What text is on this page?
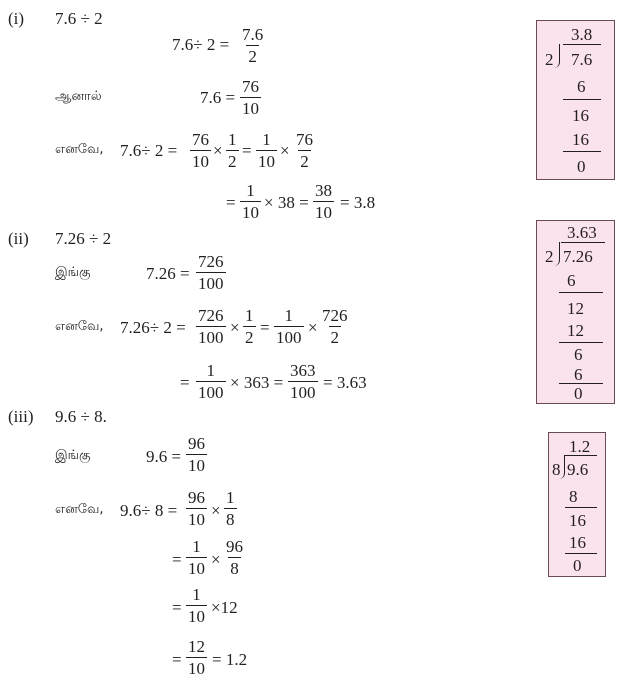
(i) 7.6 ÷ 2
$7.6\div 2 = \frac{7.6}{2}$
ஆனால்	$7.6 = \frac{76}{10}$
எனவே, $7.6\div 2 = \frac{76}{10} \times \frac{1}{2} = \frac{1}{10} \times \frac{76}{2}$
= $\frac{1}{10} \times 38 = \frac{38}{10} = 3.8$
3.8
2 7.6
6
16
16
0
(ii) 7.26 ÷ 2
இங்கு	$7.26 = \frac{726}{100}$
எனவே, $7.26\div 2 = \frac{726}{100} \times \frac{1}{2} = \frac{1}{100} \times \frac{726}{2}$
= $\frac{1}{100} \times 363 = \frac{363}{100} = 3.63$
3.63
2 7.26
6
12
12
6
6
0
(iii) 9.6 ÷ 8.
இங்கு	$9.6 = \frac{96}{10}$
எனவே, $9.6\div 8 = \frac{96}{10} \times \frac{1}{8}$
= $\frac{1}{10} \times \frac{96}{8}$
= $\frac{1}{10} \times 12$
= $\frac{12}{10} = 1.2$
1.2
8 9.6
8
16
16
0
